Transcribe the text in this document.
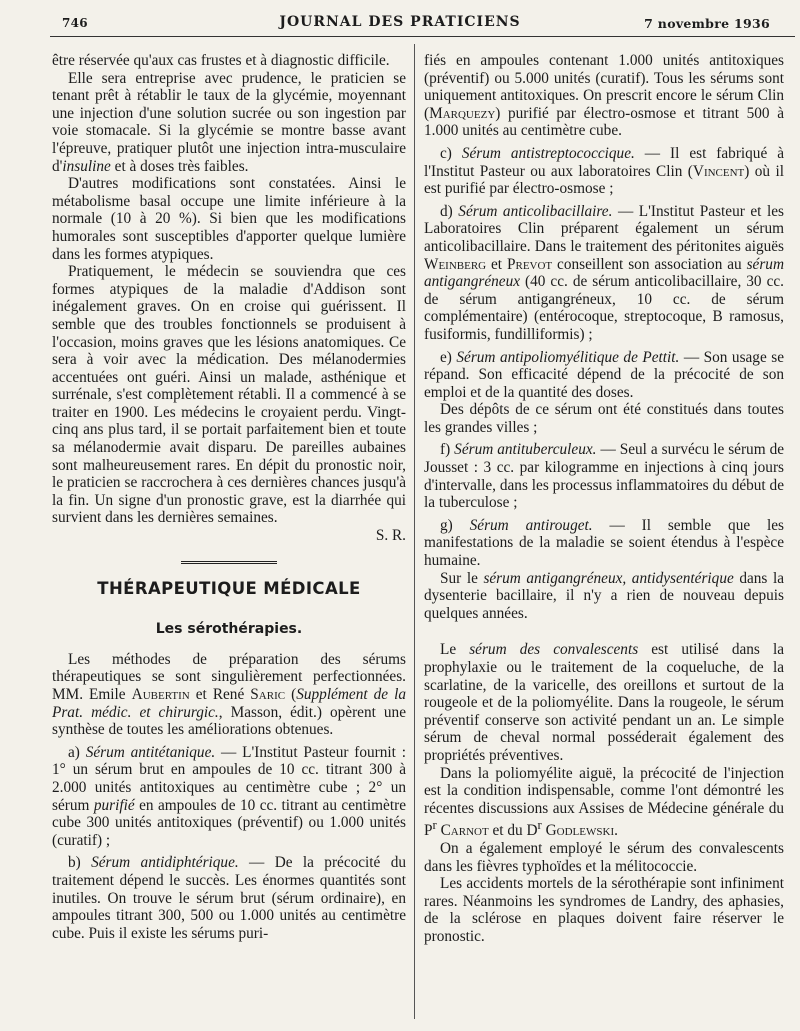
746	JOURNAL DES PRATICIENS	7 novembre 1936

être réservée qu'aux cas frustes et à diagnostic difficile.

Elle sera entreprise avec prudence, le praticien se tenant prêt à rétablir le taux de la glycémie, moyennant une injection d'une solution sucrée ou son ingestion par voie stomacale. Si la glycémie se montre basse avant l'épreuve, pratiquer plutôt une injection intra-musculaire d'insuline et à doses très faibles.

D'autres modifications sont constatées. Ainsi le métabolisme basal occupe une limite inférieure à la normale (10 à 20 %). Si bien que les modifications humorales sont susceptibles d'apporter quelque lumière dans les formes atypiques.

Pratiquement, le médecin se souviendra que ces formes atypiques de la maladie d'Addison sont inégalement graves. On en croise qui guérissent. Il semble que des troubles fonctionnels se produisent à l'occasion, moins graves que les lésions anatomiques. Ce sera à voir avec la médication. Des mélanodermies accentuées ont guéri. Ainsi un malade, asthénique et surrénale, s'est complètement rétabli. Il a commencé à se traiter en 1900. Les médecins le croyaient perdu. Vingt-cinq ans plus tard, il se portait parfaitement bien et toute sa mélanodermie avait disparu. De pareilles aubaines sont malheureusement rares. En dépit du pronostic noir, le praticien se raccrochera à ces dernières chances jusqu'à la fin. Un signe d'un pronostic grave, est la diarrhée qui survient dans les dernières semaines.

S. R.
THÉRAPEUTIQUE MÉDICALE
Les sérothérapies.

Les méthodes de préparation des sérums thérapeutiques se sont singulièrement perfectionnées. MM. Emile Aubertin et René Saric (Supplément de la Prat. médic. et chirurgic., Masson, édit.) opèrent une synthèse de toutes les améliorations obtenues.

a) Sérum antitétanique. — L'Institut Pasteur fournit : 1° un sérum brut en ampoules de 10 cc. titrant 300 à 2.000 unités antitoxiques au centimètre cube ; 2° un sérum purifié en ampoules de 10 cc. titrant au centimètre cube 300 unités antitoxiques (préventif) ou 1.000 unités (curatif) ;

b) Sérum antidiphtérique. — De la précocité du traitement dépend le succès. Les énormes quantités sont inutiles. On trouve le sérum brut (sérum ordinaire), en ampoules titrant 300, 500 ou 1.000 unités au centimètre cube. Puis il existe les sérums puri-

fiés en ampoules contenant 1.000 unités antitoxiques (préventif) ou 5.000 unités (curatif). Tous les sérums sont uniquement antitoxiques. On prescrit encore le sérum Clin (Marquezy) purifié par électro-osmose et titrant 500 à 1.000 unités au centimètre cube.

c) Sérum antistreptococcique. — Il est fabriqué à l'Institut Pasteur ou aux laboratoires Clin (Vincent) où il est purifié par électro-osmose ;

d) Sérum anticolibacillaire. — L'Institut Pasteur et les Laboratoires Clin préparent également un sérum anticolibacillaire. Dans le traitement des péritonites aiguës Weinberg et Prevot conseillent son association au sérum antigangréneux (40 cc. de sérum anticolibacillaire, 30 cc. de sérum antigangréneux, 10 cc. de sérum complémentaire) (entérocoque, streptocoque, B ramosus, fusiformis, fundilliformis) ;

e) Sérum antipoliomyélitique de Pettit. — Son usage se répand. Son efficacité dépend de la précocité de son emploi et de la quantité des doses.

Des dépôts de ce sérum ont été constitués dans toutes les grandes villes ;

f) Sérum antituberculeux. — Seul a survécu le sérum de Jousset : 3 cc. par kilogramme en injections à cinq jours d'intervalle, dans les processus inflammatoires du début de la tuberculose ;

g) Sérum antirouget. — Il semble que les manifestations de la maladie se soient étendus à l'espèce humaine.

Sur le sérum antigangréneux, antidysentérique dans la dysenterie bacillaire, il n'y a rien de nouveau depuis quelques années.

Le sérum des convalescents est utilisé dans la prophylaxie ou le traitement de la coqueluche, de la scarlatine, de la varicelle, des oreillons et surtout de la rougeole et de la poliomyélite. Dans la rougeole, le sérum préventif conserve son activité pendant un an. Le simple sérum de cheval normal posséderait également des propriétés préventives.

Dans la poliomyélite aiguë, la précocité de l'injection est la condition indispensable, comme l'ont démontré les récentes discussions aux Assises de Médecine générale du $P^r$ Carnot et du $D^r$ Godlewski.

On a également employé le sérum des convalescents dans les fièvres typhoïdes et la mélitococcie.

Les accidents mortels de la sérothérapie sont infiniment rares. Néanmoins les syndromes de Landry, des aphasies, de la sclérose en plaques doivent faire réserver le pronostic.
